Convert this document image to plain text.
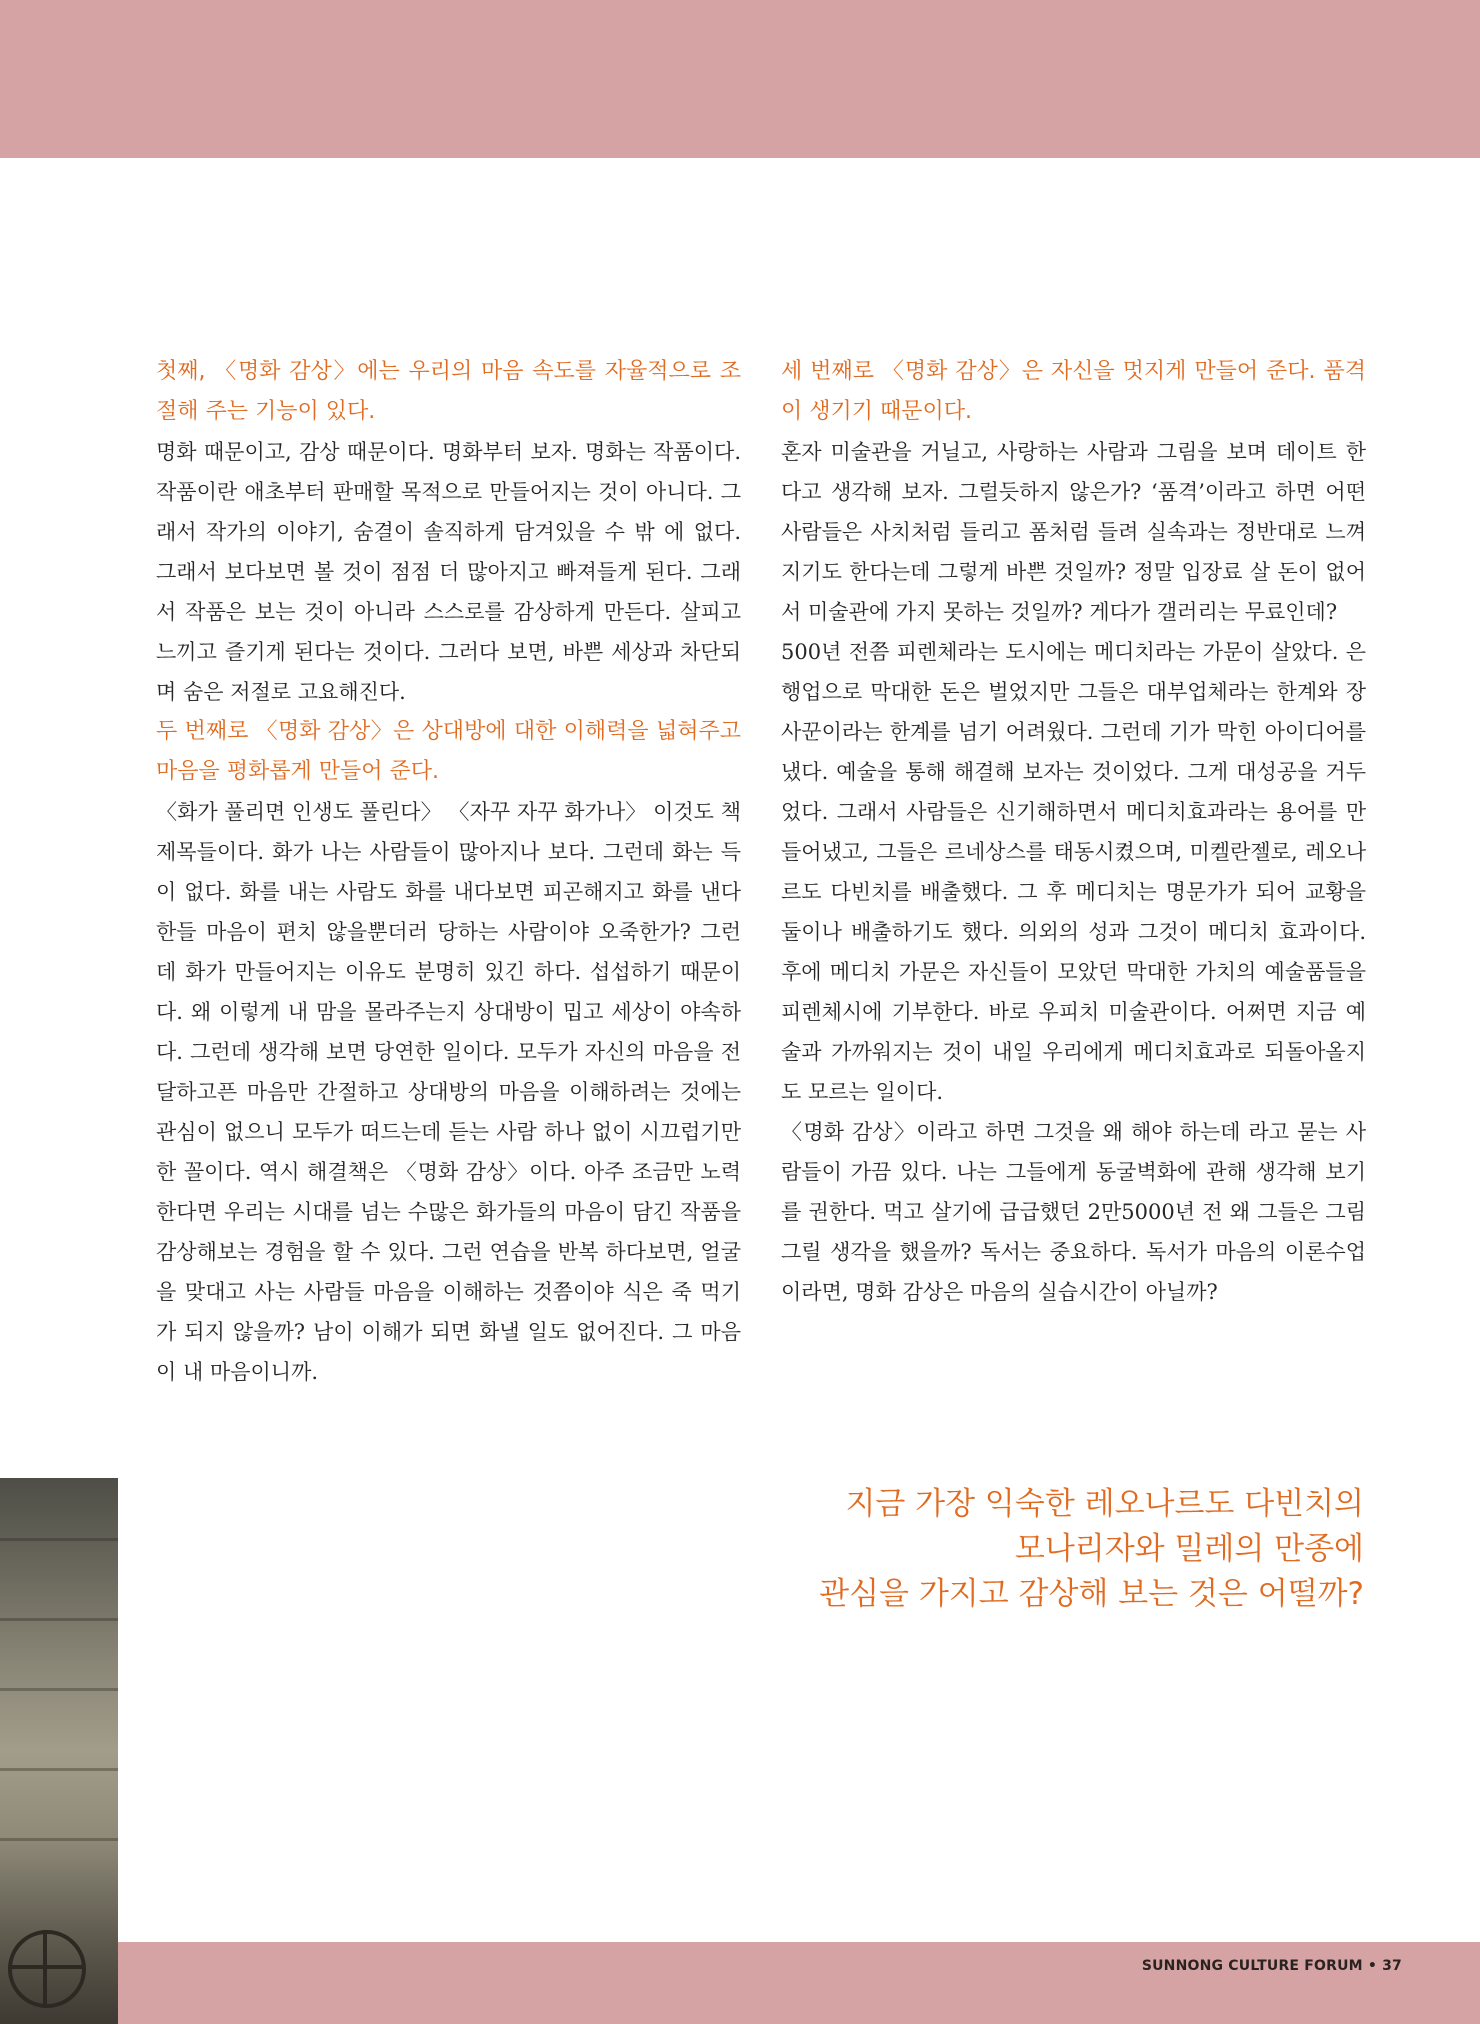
첫째, 〈명화 감상〉에는 우리의 마음 속도를 자율적으로 조절해 주는 기능이 있다.

명화 때문이고, 감상 때문이다. 명화부터 보자. 명화는 작품이다. 작품이란 애초부터 판매할 목적으로 만들어지는 것이 아니다. 그래서 작가의 이야기, 숨결이 솔직하게 담겨있을 수 밖 에 없다. 그래서 보다보면 볼 것이 점점 더 많아지고 빠져들게 된다. 그래서 작품은 보는 것이 아니라 스스로를 감상하게 만든다. 살피고 느끼고 즐기게 된다는 것이다. 그러다 보면, 바쁜 세상과 차단되며 숨은 저절로 고요해진다.

두 번째로 〈명화 감상〉은 상대방에 대한 이해력을 넓혀주고 마음을 평화롭게 만들어 준다.

〈화가 풀리면 인생도 풀린다〉 〈자꾸 자꾸 화가나〉 이것도 책 제목들이다. 화가 나는 사람들이 많아지나 보다. 그런데 화는 득이 없다. 화를 내는 사람도 화를 내다보면 피곤해지고 화를 낸다 한들 마음이 편치 않을뿐더러 당하는 사람이야 오죽한가? 그런데 화가 만들어지는 이유도 분명히 있긴 하다. 섭섭하기 때문이다. 왜 이렇게 내 맘을 몰라주는지 상대방이 밉고 세상이 야속하다. 그런데 생각해 보면 당연한 일이다. 모두가 자신의 마음을 전달하고픈 마음만 간절하고 상대방의 마음을 이해하려는 것에는 관심이 없으니 모두가 떠드는데 듣는 사람 하나 없이 시끄럽기만 한 꼴이다. 역시 해결책은 〈명화 감상〉이다. 아주 조금만 노력한다면 우리는 시대를 넘는 수많은 화가들의 마음이 담긴 작품을 감상해보는 경험을 할 수 있다. 그런 연습을 반복 하다보면, 얼굴을 맞대고 사는 사람들 마음을 이해하는 것쯤이야 식은 죽 먹기가 되지 않을까? 남이 이해가 되면 화낼 일도 없어진다. 그 마음이 내 마음이니까.

세 번째로 〈명화 감상〉은 자신을 멋지게 만들어 준다. 품격이 생기기 때문이다.

혼자 미술관을 거닐고, 사랑하는 사람과 그림을 보며 데이트 한다고 생각해 보자. 그럴듯하지 않은가? ‘품격’이라고 하면 어떤 사람들은 사치처럼 들리고 폼처럼 들려 실속과는 정반대로 느껴지기도 한다는데 그렇게 바쁜 것일까? 정말 입장료 살 돈이 없어서 미술관에 가지 못하는 것일까? 게다가 갤러리는 무료인데?

500년 전쯤 피렌체라는 도시에는 메디치라는 가문이 살았다. 은행업으로 막대한 돈은 벌었지만 그들은 대부업체라는 한계와 장사꾼이라는 한계를 넘기 어려웠다. 그런데 기가 막힌 아이디어를 냈다. 예술을 통해 해결해 보자는 것이었다. 그게 대성공을 거두었다. 그래서 사람들은 신기해하면서 메디치효과라는 용어를 만들어냈고, 그들은 르네상스를 태동시켰으며, 미켈란젤로, 레오나르도 다빈치를 배출했다. 그 후 메디치는 명문가가 되어 교황을 둘이나 배출하기도 했다. 의외의 성과 그것이 메디치 효과이다. 후에 메디치 가문은 자신들이 모았던 막대한 가치의 예술품들을 피렌체시에 기부한다. 바로 우피치 미술관이다. 어쩌면 지금 예술과 가까워지는 것이 내일 우리에게 메디치효과로 되돌아올지도 모르는 일이다.

〈명화 감상〉이라고 하면 그것을 왜 해야 하는데 라고 묻는 사람들이 가끔 있다. 나는 그들에게 동굴벽화에 관해 생각해 보기를 권한다. 먹고 살기에 급급했던 2만5000년 전 왜 그들은 그림 그릴 생각을 했을까? 독서는 중요하다. 독서가 마음의 이론수업이라면, 명화 감상은 마음의 실습시간이 아닐까?

지금 가장 익숙한 레오나르도 다빈치의
모나리자와 밀레의 만종에
관심을 가지고 감상해 보는 것은 어떨까?
SUNNONG CULTURE FORUM • 37
